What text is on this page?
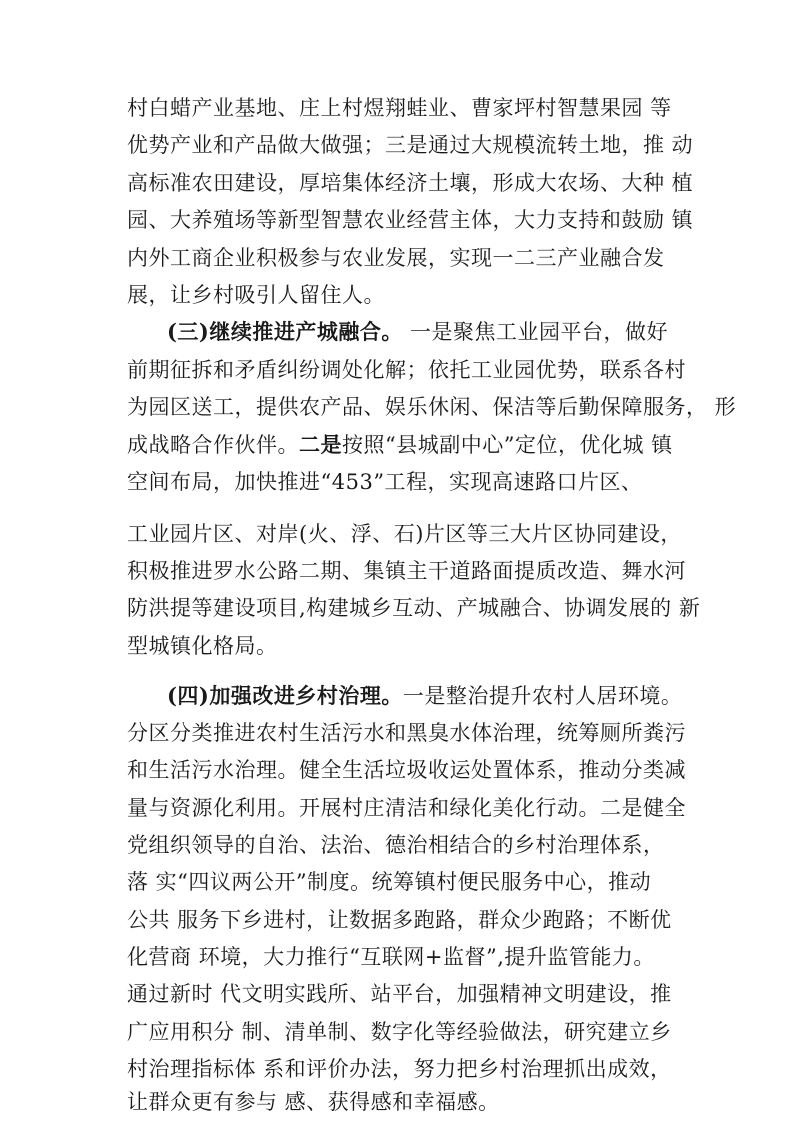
村白蜡产业基地、庄上村煜翔蛙业、曹家坪村智慧果园 等
优势产业和产品做大做强；三是通过大规模流转土地，推 动
高标准农田建设，厚培集体经济土壤，形成大农场、大种 植
园、大养殖场等新型智慧农业经营主体，大力支持和鼓励 镇
内外工商企业积极参与农业发展，实现一二三产业融合发
展，让乡村吸引人留住人。
(三)继续推进产城融合。 一是聚焦工业园平台，做好
前期征拆和矛盾纠纷调处化解；依托工业园优势，联系各村
为园区送工，提供农产品、娱乐休闲、保洁等后勤保障服务， 形
成战略合作伙伴。二是按照“县城副中心”定位，优化城 镇
空间布局，加快推进“453”工程，实现高速路口片区、
工业园片区、对岸(火、浮、石)片区等三大片区协同建设，
积极推进罗水公路二期、集镇主干道路面提质改造、舞水河
防洪提等建设项目,构建城乡互动、产城融合、协调发展的 新
型城镇化格局。
(四)加强改进乡村治理。一是整治提升农村人居环境。
分区分类推进农村生活污水和黑臭水体治理，统筹厕所粪污
和生活污水治理。健全生活垃圾收运处置体系，推动分类减
量与资源化利用。开展村庄清洁和绿化美化行动。二是健全
党组织领导的自治、法治、德治相结合的乡村治理体系，
落 实“四议两公开”制度。统筹镇村便民服务中心，推动
公共 服务下乡进村，让数据多跑路，群众少跑路；不断优
化营商 环境，大力推行“互联网+监督”,提升监管能力。
通过新时 代文明实践所、站平台，加强精神文明建设，推
广应用积分 制、清单制、数字化等经验做法，研究建立乡
村治理指标体 系和评价办法，努力把乡村治理抓出成效，
让群众更有参与 感、获得感和幸福感。
